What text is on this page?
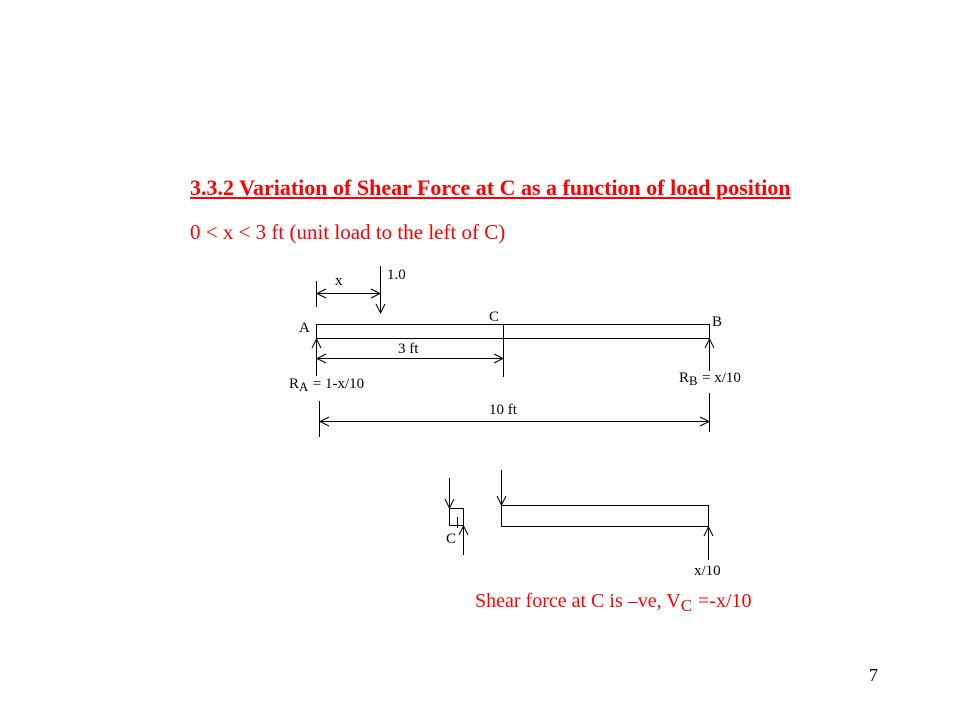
3.3.2 Variation of Shear Force at C as a function of load position
0 < x < 3 ft (unit load to the left of C)
1.0
x
A
C	B
3 ft
RA = 1-x/10	RB = x/10
10 ft
C
x/10
Shear force at C is –ve, VC =-x/10
7
